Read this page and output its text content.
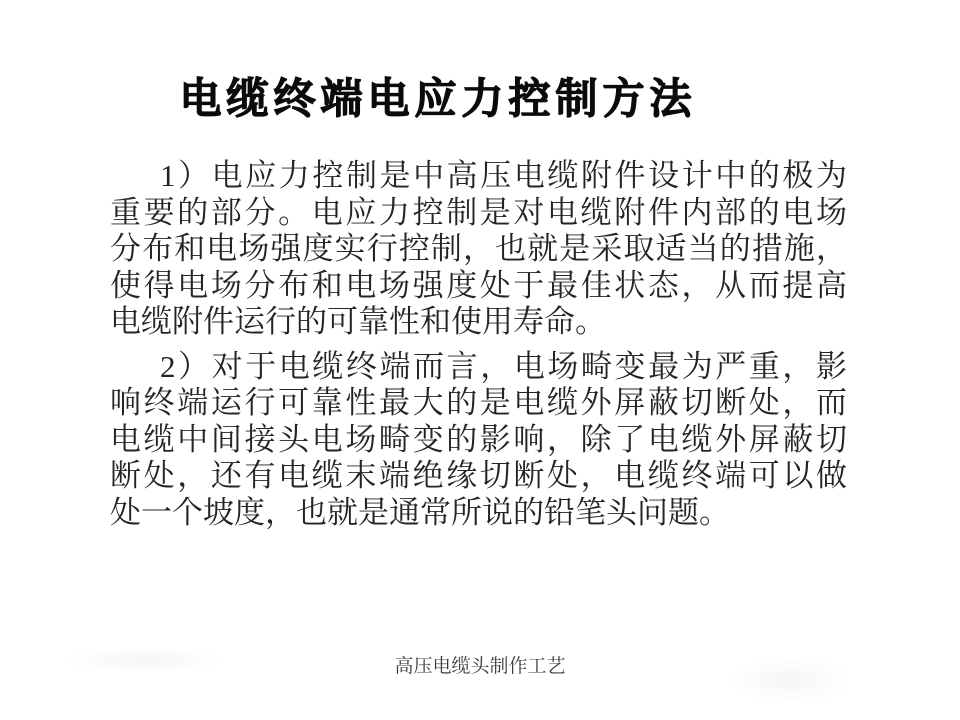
电缆终端电应力控制方法
1）电应力控制是中高压电缆附件设计中的极为
重要的部分。电应力控制是对电缆附件内部的电场
分布和电场强度实行控制，也就是采取适当的措施，
使得电场分布和电场强度处于最佳状态，从而提高
电缆附件运行的可靠性和使用寿命。
2）对于电缆终端而言，电场畸变最为严重，影
响终端运行可靠性最大的是电缆外屏蔽切断处，而
电缆中间接头电场畸变的影响，除了电缆外屏蔽切
断处，还有电缆末端绝缘切断处，电缆终端可以做
处一个坡度，也就是通常所说的铅笔头问题。
高压电缆头制作工艺
